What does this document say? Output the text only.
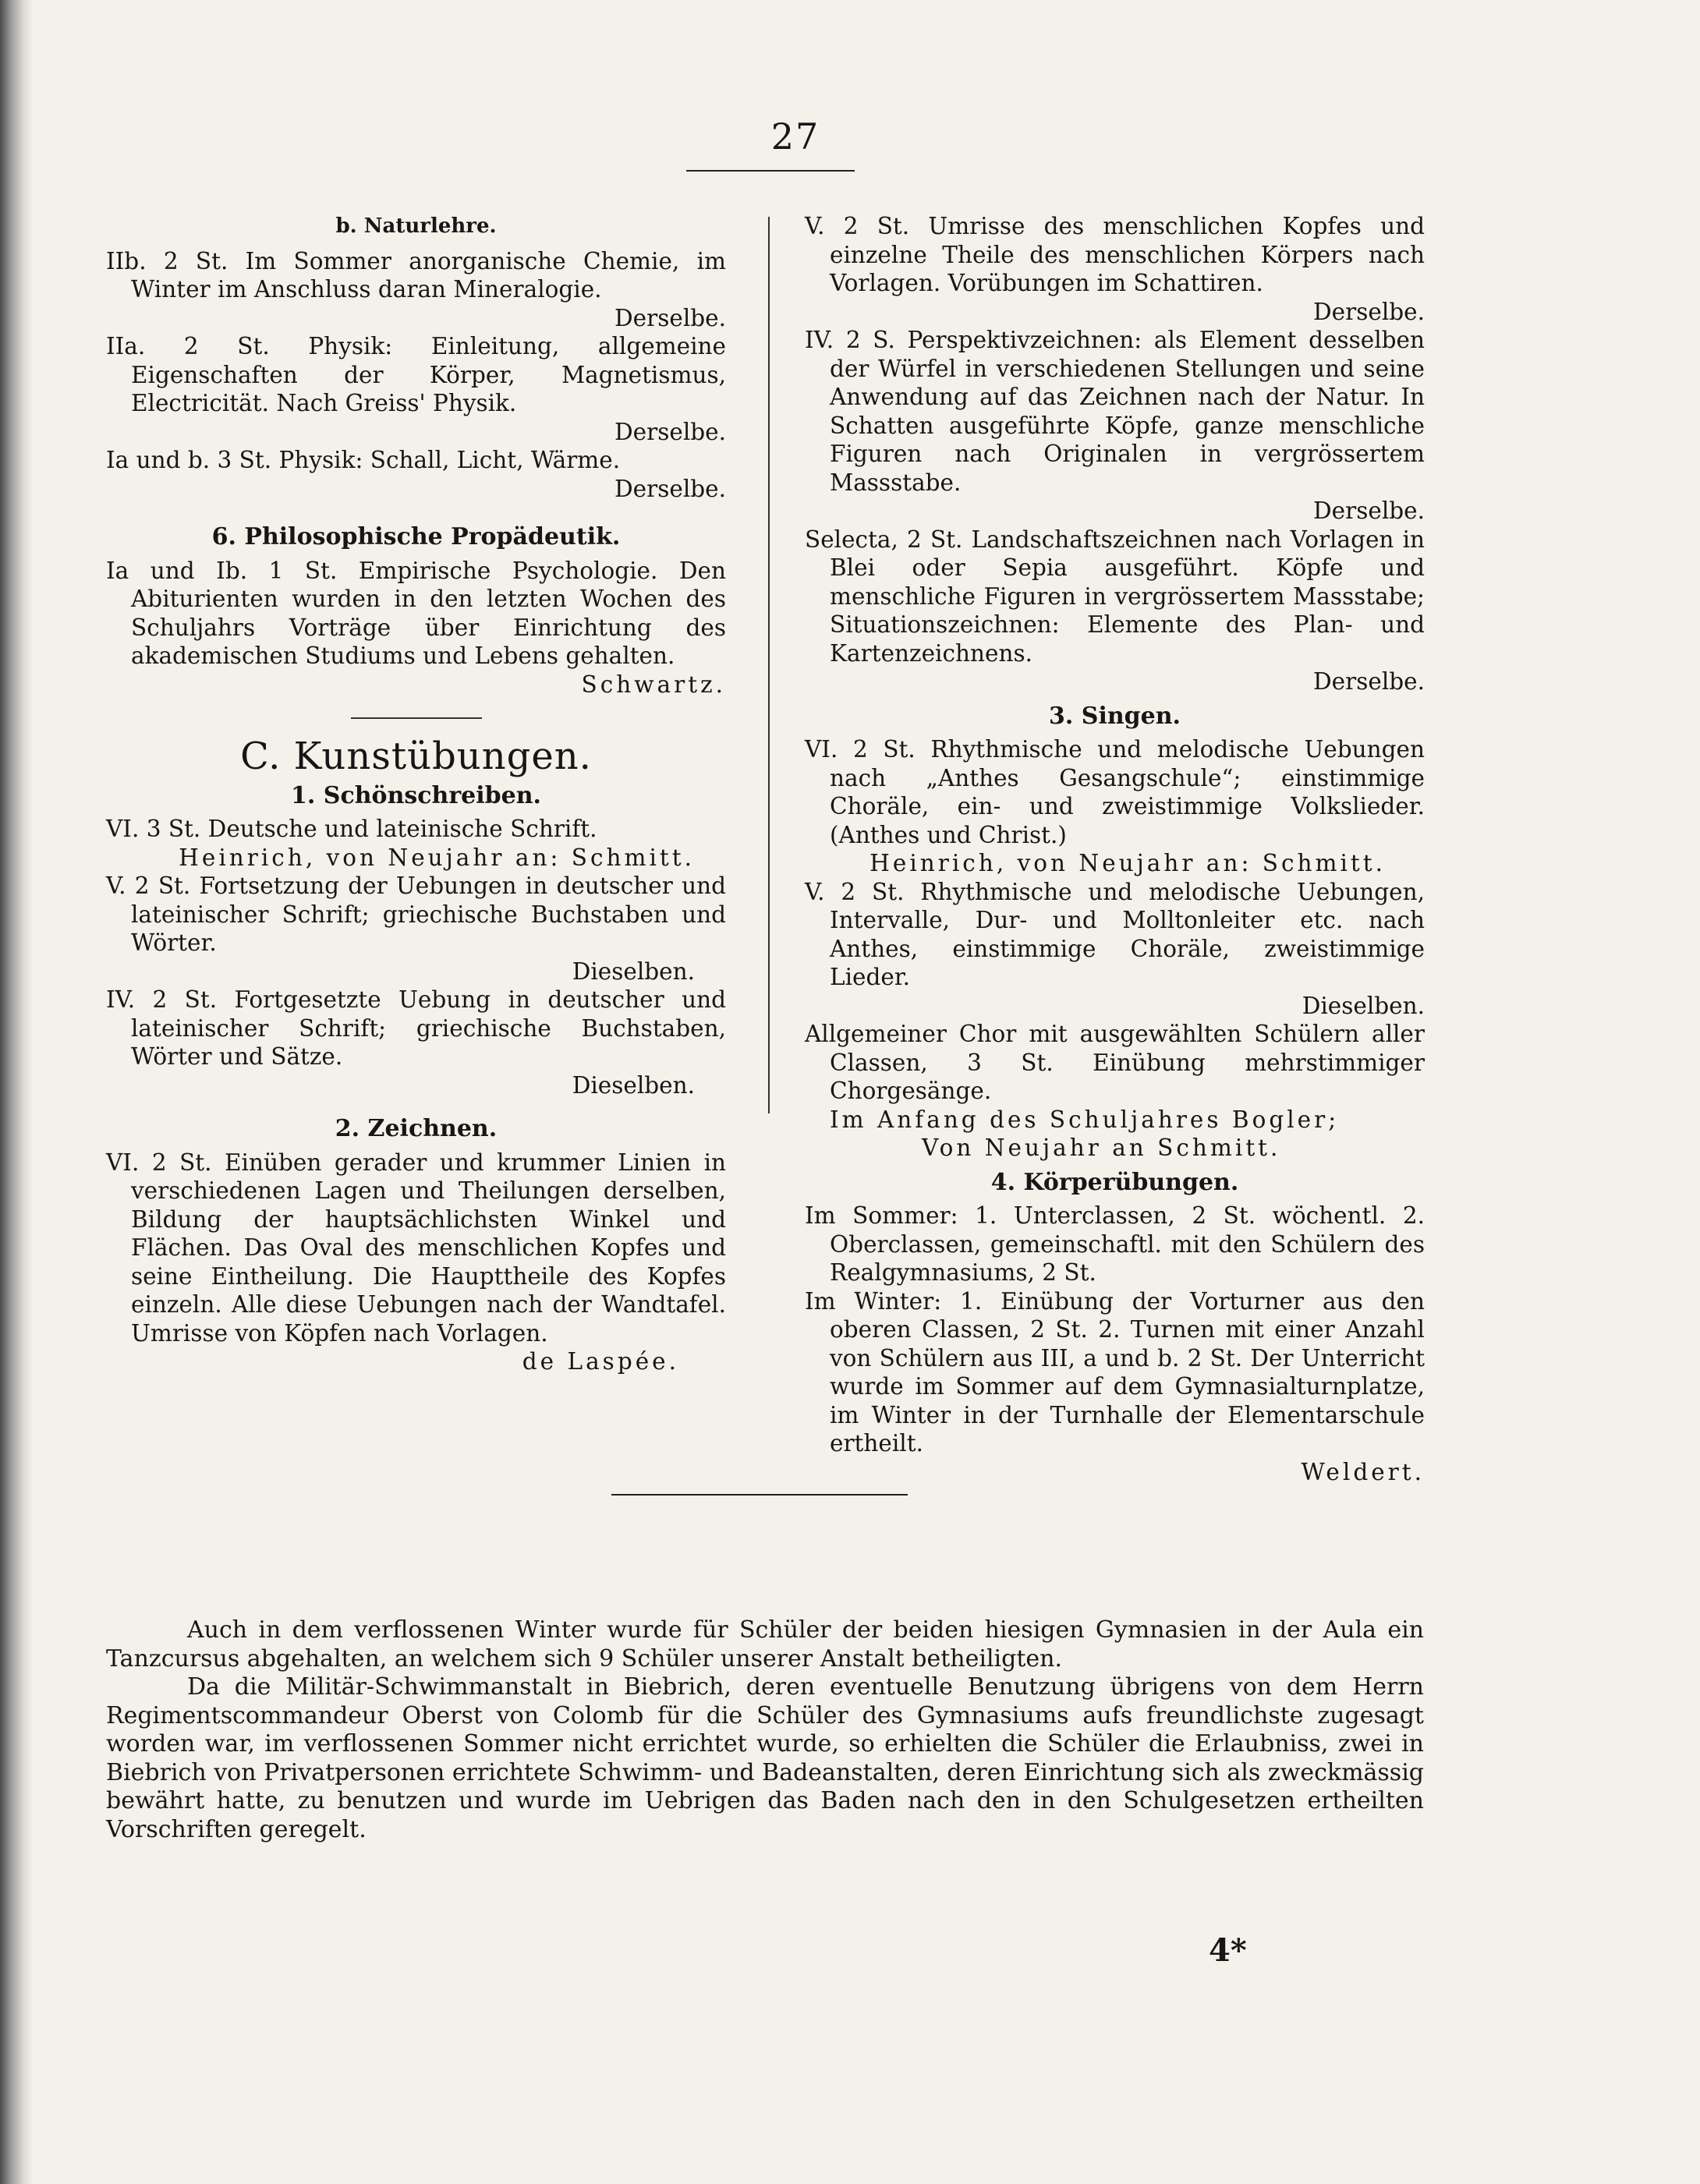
27
b. Naturlehre.

IIb. 2 St. Im Sommer anorganische Chemie, im Winter im Anschluss daran Mineralogie.

Derselbe.

IIa. 2 St. Physik: Einleitung, allgemeine Eigenschaften der Körper, Magnetismus, Electricität. Nach Greiss' Physik.

Derselbe.

Ia und b. 3 St. Physik: Schall, Licht, Wärme.

Derselbe.

6. Philosophische Propädeutik.

Ia und Ib. 1 St. Empirische Psychologie. Den Abiturienten wurden in den letzten Wochen des Schuljahrs Vorträge über Einrichtung des akademischen Studiums und Lebens gehalten.

Schwartz.

C. Kunstübungen.
1. Schönschreiben.

VI. 3 St. Deutsche und lateinische Schrift.

Heinrich, von Neujahr an: Schmitt.

V. 2 St. Fortsetzung der Uebungen in deutscher und lateinischer Schrift; griechische Buchstaben und Wörter.

Dieselben.

IV. 2 St. Fortgesetzte Uebung in deutscher und lateinischer Schrift; griechische Buchstaben, Wörter und Sätze.

Dieselben.

2. Zeichnen.

VI. 2 St. Einüben gerader und krummer Linien in verschiedenen Lagen und Theilungen derselben, Bildung der hauptsächlichsten Winkel und Flächen. Das Oval des menschlichen Kopfes und seine Eintheilung. Die Haupttheile des Kopfes einzeln. Alle diese Uebungen nach der Wandtafel. Umrisse von Köpfen nach Vorlagen.

de Laspée.

V. 2 St. Umrisse des menschlichen Kopfes und einzelne Theile des menschlichen Körpers nach Vorlagen. Vorübungen im Schattiren.

Derselbe.

IV. 2 S. Perspektivzeichnen: als Element desselben der Würfel in verschiedenen Stellungen und seine Anwendung auf das Zeichnen nach der Natur. In Schatten ausgeführte Köpfe, ganze menschliche Figuren nach Originalen in vergrössertem Massstabe.

Derselbe.

Selecta, 2 St. Landschaftszeichnen nach Vorlagen in Blei oder Sepia ausgeführt. Köpfe und menschliche Figuren in vergrössertem Massstabe; Situationszeichnen: Elemente des Plan- und Kartenzeichnens.

Derselbe.

3. Singen.

VI. 2 St. Rhythmische und melodische Uebungen nach „Anthes Gesangschule“; einstimmige Choräle, ein- und zweistimmige Volkslieder. (Anthes und Christ.)

Heinrich, von Neujahr an: Schmitt.

V. 2 St. Rhythmische und melodische Uebungen, Intervalle, Dur- und Molltonleiter etc. nach Anthes, einstimmige Choräle, zweistimmige Lieder.

Dieselben.

Allgemeiner Chor mit ausgewählten Schülern aller Classen, 3 St. Einübung mehrstimmiger Chorgesänge.

Im Anfang des Schuljahres Bogler;

Von Neujahr an Schmitt.

4. Körperübungen.

Im Sommer: 1. Unterclassen, 2 St. wöchentl. 2. Oberclassen, gemeinschaftl. mit den Schülern des Realgymnasiums, 2 St.

Im Winter: 1. Einübung der Vorturner aus den oberen Classen, 2 St. 2. Turnen mit einer Anzahl von Schülern aus III, a und b. 2 St. Der Unterricht wurde im Sommer auf dem Gymnasialturnplatze, im Winter in der Turnhalle der Elementarschule ertheilt.

Weldert.

Auch in dem verflossenen Winter wurde für Schüler der beiden hiesigen Gymnasien in der Aula ein Tanzcursus abgehalten, an welchem sich 9 Schüler unserer Anstalt betheiligten.

Da die Militär-Schwimmanstalt in Biebrich, deren eventuelle Benutzung übrigens von dem Herrn Regimentscommandeur Oberst von Colomb für die Schüler des Gymnasiums aufs freundlichste zugesagt worden war, im verflossenen Sommer nicht errichtet wurde, so erhielten die Schüler die Erlaubniss, zwei in Biebrich von Privatpersonen errichtete Schwimm- und Badeanstalten, deren Einrichtung sich als zweckmässig bewährt hatte, zu benutzen und wurde im Uebrigen das Baden nach den in den Schulgesetzen ertheilten Vorschriften geregelt.

4*
